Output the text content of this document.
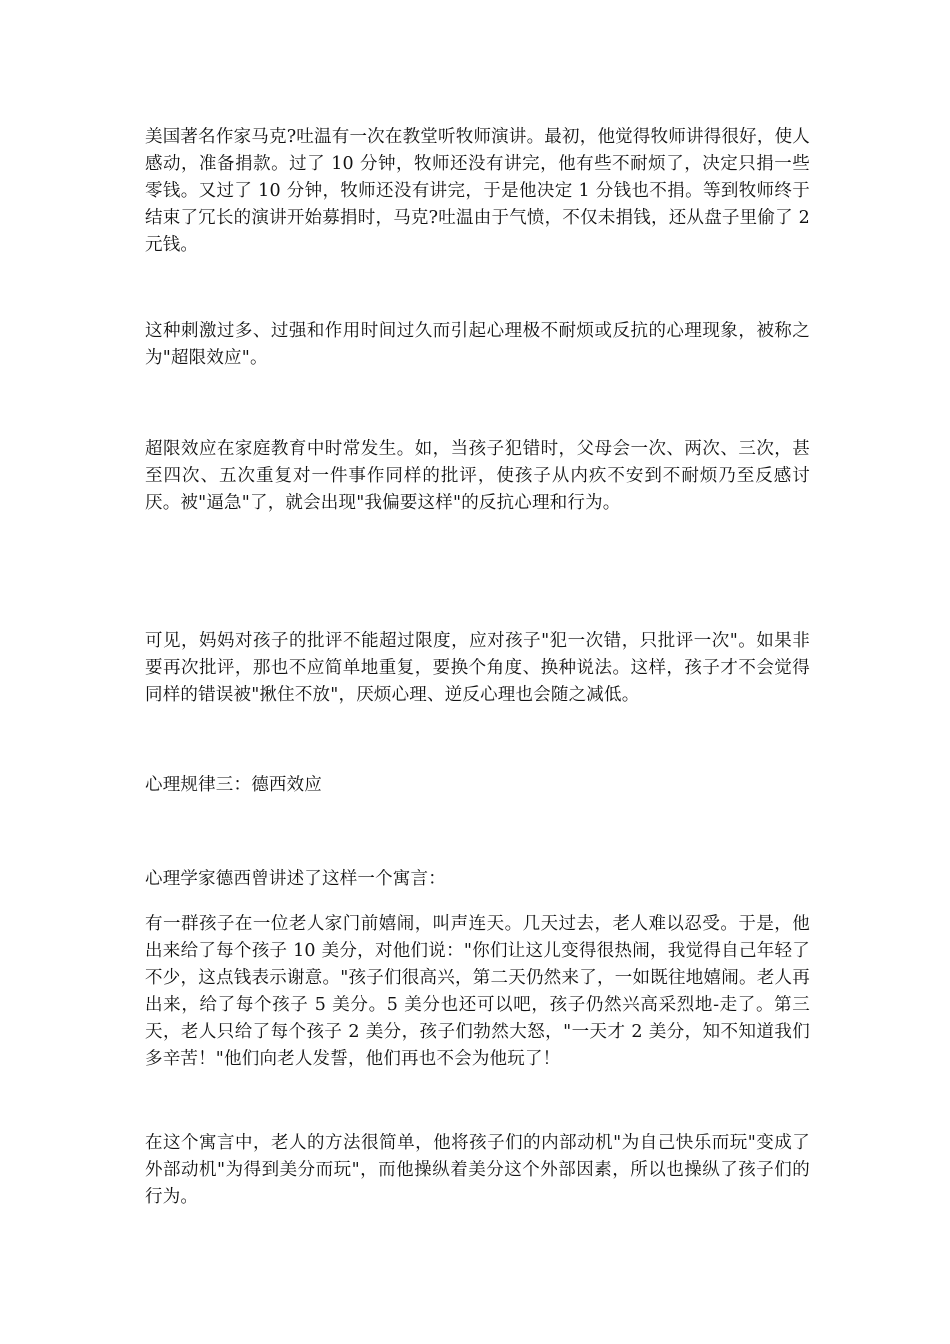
美国著名作家马克?吐温有一次在教堂听牧师演讲。最初，他觉得牧师讲得很好，使人感动，准备捐款。过了 10 分钟，牧师还没有讲完，他有些不耐烦了，决定只捐一些零钱。又过了 10 分钟，牧师还没有讲完，于是他决定 1 分钱也不捐。等到牧师终于结束了冗长的演讲开始募捐时，马克?吐温由于气愤，不仅未捐钱，还从盘子里偷了 2 元钱。

这种刺激过多、过强和作用时间过久而引起心理极不耐烦或反抗的心理现象，被称之为"超限效应"。

超限效应在家庭教育中时常发生。如，当孩子犯错时，父母会一次、两次、三次，甚至四次、五次重复对一件事作同样的批评，使孩子从内疚不安到不耐烦乃至反感讨厌。被"逼急"了，就会出现"我偏要这样"的反抗心理和行为。

可见，妈妈对孩子的批评不能超过限度，应对孩子"犯一次错，只批评一次"。如果非要再次批评，那也不应简单地重复，要换个角度、换种说法。这样，孩子才不会觉得同样的错误被"揪住不放"，厌烦心理、逆反心理也会随之减低。

心理规律三：德西效应

心理学家德西曾讲述了这样一个寓言：

有一群孩子在一位老人家门前嬉闹，叫声连天。几天过去，老人难以忍受。于是，他出来给了每个孩子 10 美分，对他们说："你们让这儿变得很热闹，我觉得自己年轻了不少，这点钱表示谢意。"孩子们很高兴，第二天仍然来了，一如既往地嬉闹。老人再出来，给了每个孩子 5 美分。5 美分也还可以吧，孩子仍然兴高采烈地-走了。第三天，老人只给了每个孩子 2 美分，孩子们勃然大怒，"一天才 2 美分，知不知道我们多辛苦！"他们向老人发誓，他们再也不会为他玩了！

在这个寓言中，老人的方法很简单，他将孩子们的内部动机"为自己快乐而玩"变成了外部动机"为得到美分而玩"，而他操纵着美分这个外部因素，所以也操纵了孩子们的行为。
